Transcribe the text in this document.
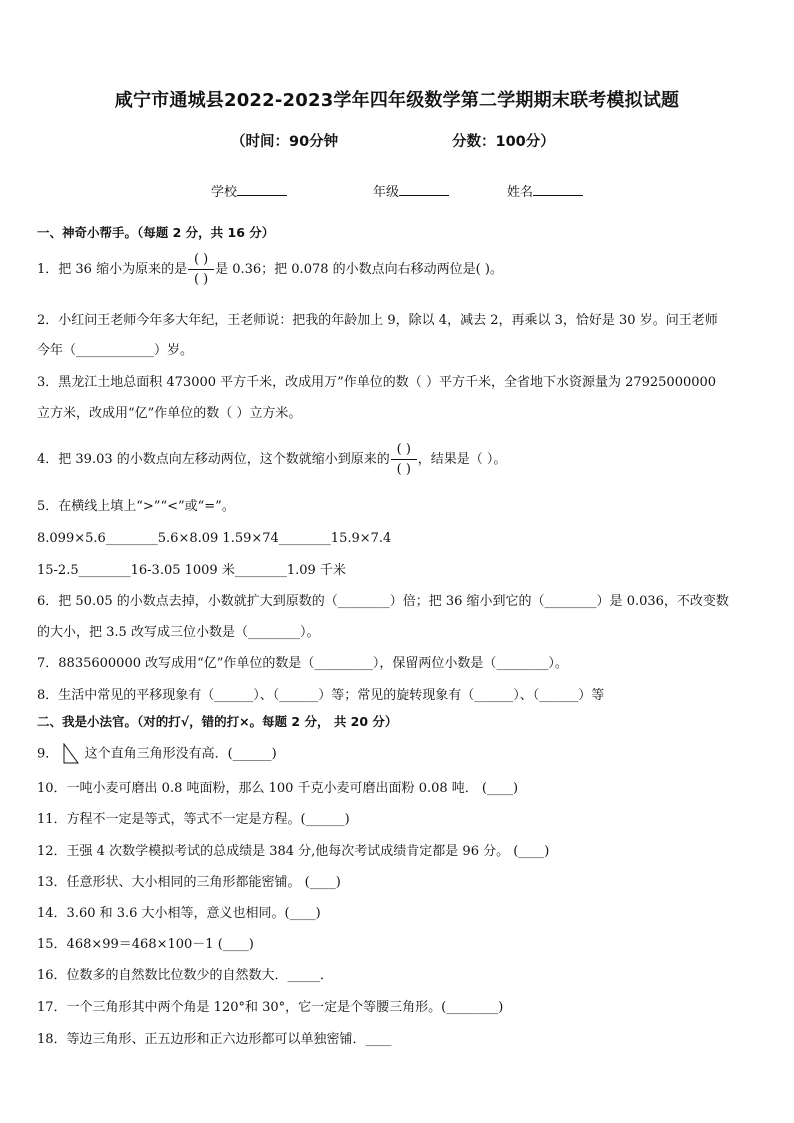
咸宁市通城县2022-2023学年四年级数学第二学期期末联考模拟试题
（时间：90分钟	分数：100分）
学校	年级	姓名
一、神奇小帮手。（每题 2 分，共 16 分）
1．把 36 缩小为原来的是 $\frac{( )}{( )}$ 是 0.36；把 0.078 的小数点向右移动两位是( )。
2．小红问王老师今年多大年纪，王老师说：把我的年龄加上 9，除以 4，减去 2，再乘以 3，恰好是 30 岁。问王老师
今年（____________）岁。
3．黑龙江土地总面积 473000 平方千米，改成用万”作单位的数（ ）平方千米，全省地下水资源量为 27925000000
立方米，改成用“亿”作单位的数（ ）立方米。
4．把 39.03 的小数点向左移动两位，这个数就缩小到原来的 $\frac{( )}{( )}$ ，结果是（ ）。
5．在横线上填上“>”“<”或“=”。
8.099×5.6________5.6×8.09 1.59×74________15.9×7.4
15-2.5________16-3.05 1009 米________1.09 千米
6．把 50.05 的小数点去掉，小数就扩大到原数的（________）倍；把 36 缩小到它的（________）是 0.036，不改变数
的大小，把 3.5 改写成三位小数是（________）。
7．8835600000 改写成用“亿”作单位的数是（_________），保留两位小数是（________）。
8．生活中常见的平移现象有（______）、（______）等；常见的旋转现象有（______）、（______）等
二、我是小法官。（对的打√，错的打×。每题 2 分， 共 20 分）
9． 这个直角三角形没有高．(______)
10．一吨小麦可磨出 0.8 吨面粉，那么 100 千克小麦可磨出面粉 0.08 吨． (____)
11．方程不一定是等式，等式不一定是方程。(______)
12．王强 4 次数学模拟考试的总成绩是 384 分,他每次考试成绩肯定都是 96 分。 (____)
13．任意形状、大小相同的三角形都能密铺。 (____)
14．3.60 和 3.6 大小相等，意义也相同。(____)
15．468×99＝468×100－1 (____)
16．位数多的自然数比位数少的自然数大．_____．
17．一个三角形其中两个角是 120°和 30°，它一定是个等腰三角形。(________)
18．等边三角形、正五边形和正六边形都可以单独密铺．____
